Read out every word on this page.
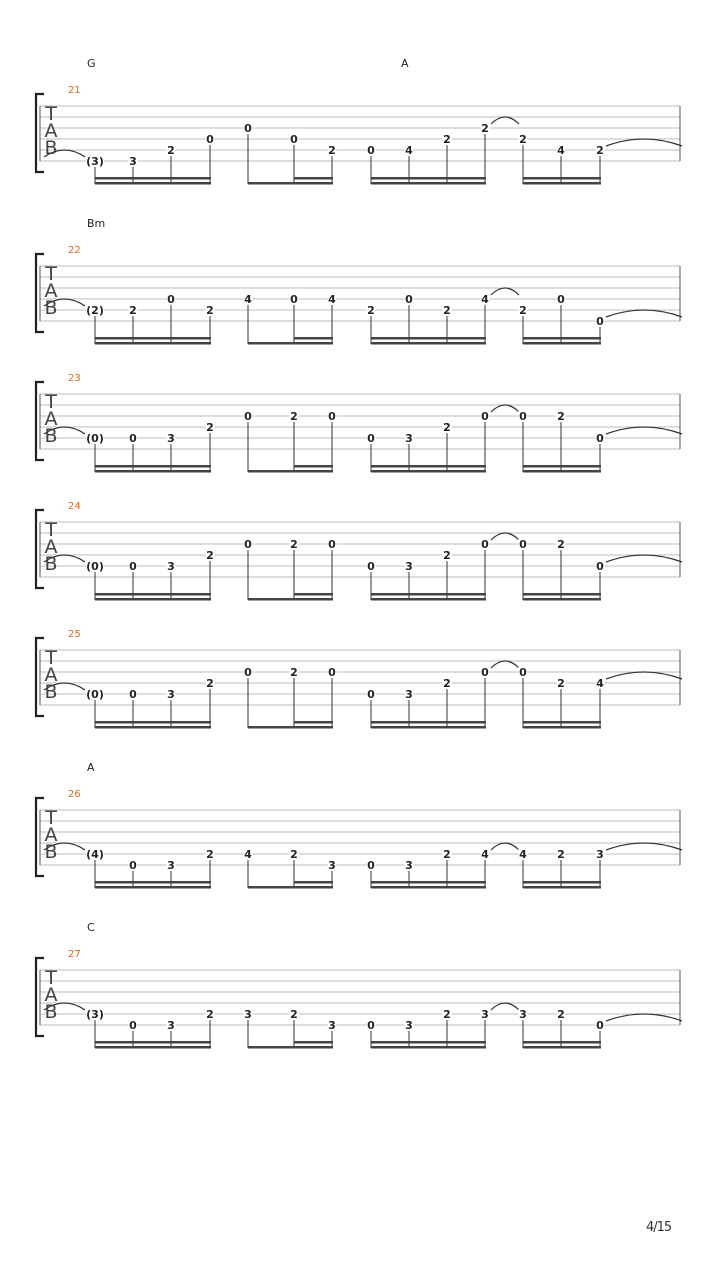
T
A
B
21
G	A
(3) 3
2
0
0
0
2	0	4
2
2
2
4	2
T
A
B
22
Bm
(2) 2
0
2
4	0	4
2
0
2
4
2
0
0
T
A
B
23
(0) 0	3
2
0	2	0
0	3
2
0	0	2
0
T
A
B
24
(0) 0	3
2
0	2	0
0	3
2
0	0	2
0
T
A
B
25
(0) 0	3
2
0	2	0
0	3
2
0	0
2	4
T
A
B
26
A
(4)
0	3
2	4	2
3	0	3
2	4	4	2	3
T
A
B
27
C
(3)
0	3
2	3	2
3	0	3
2	3	3	2
0
4/15
